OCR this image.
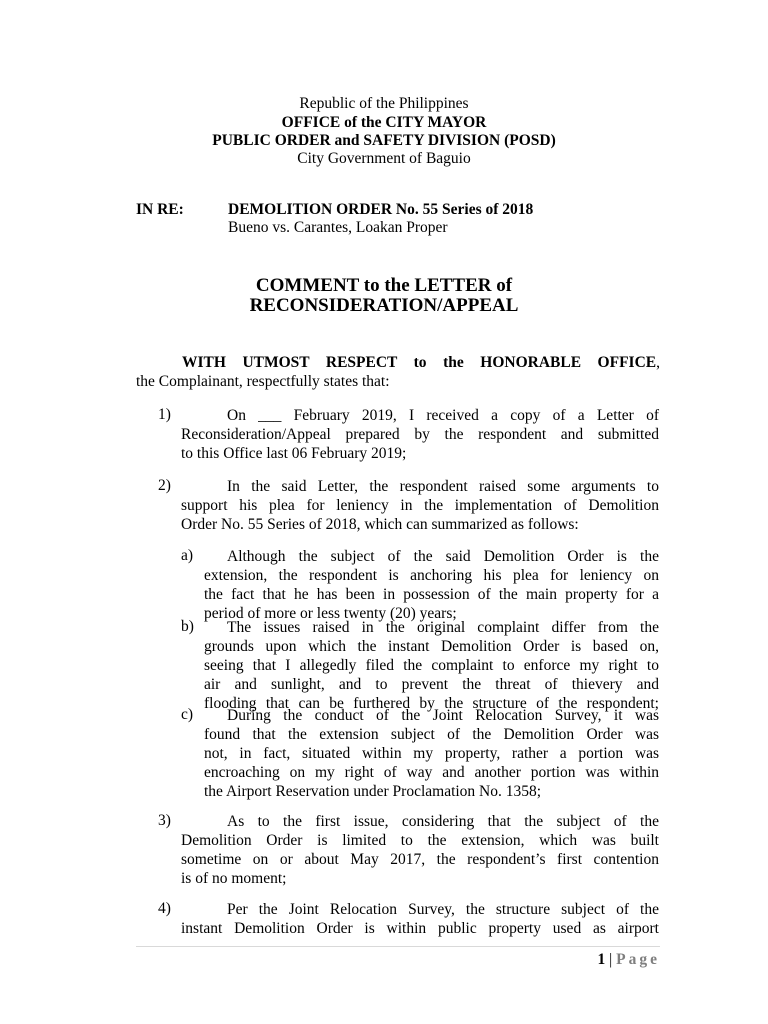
Republic of the Philippines
OFFICE of the CITY MAYOR
PUBLIC ORDER and SAFETY DIVISION (POSD)
City Government of Baguio
IN RE:	DEMOLITION ORDER No. 55 Series of 2018
Bueno vs. Carantes, Loakan Proper
COMMENT to the LETTER of
RECONSIDERATION/APPEAL
WITH UTMOST RESPECT to the HONORABLE OFFICE,
the Complainant, respectfully states that:
1)	On ___ February 2019, I received a copy of a Letter of
Reconsideration/Appeal prepared by the respondent and submitted
to this Office last 06 February 2019;
2)	In the said Letter, the respondent raised some arguments to
support his plea for leniency in the implementation of Demolition
Order No. 55 Series of 2018, which can summarized as follows:
a)	Although the subject of the said Demolition Order is the
extension, the respondent is anchoring his plea for leniency on
the fact that he has been in possession of the main property for a
period of more or less twenty (20) years;
b)	The issues raised in the original complaint differ from the
grounds upon which the instant Demolition Order is based on,
seeing that I allegedly filed the complaint to enforce my right to
air and sunlight, and to prevent the threat of thievery and
flooding that can be furthered by the structure of the respondent;
c)	During the conduct of the Joint Relocation Survey, it was
found that the extension subject of the Demolition Order was
not, in fact, situated within my property, rather a portion was
encroaching on my right of way and another portion was within
the Airport Reservation under Proclamation No. 1358;
3)	As to the first issue, considering that the subject of the
Demolition Order is limited to the extension, which was built
sometime on or about May 2017, the respondent’s first contention
is of no moment;
4)	Per the Joint Relocation Survey, the structure subject of the
instant Demolition Order is within public property used as airport
1 | Page
